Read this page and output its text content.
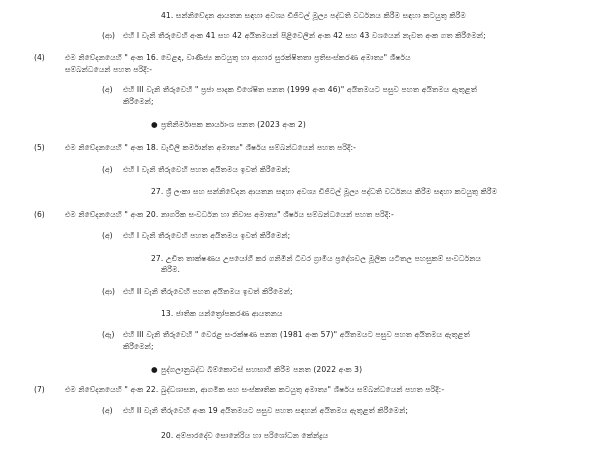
41. සන්නිවේදන ආයතන සඳහා අවශ්‍ය ඩිජිටල් මූල්‍ය පද්ධති වර්ධනය කිරීම සඳහා කටයුතු කිරීම
(ආ) එහි I වැනි තීරුවෙහි අංක 41 සහ 42 අයිතමයන් පිළිවෙලින් අංක 42 සහ 43 වශයෙන් නැවත අංක ගත කිරීමෙන්;
(4)	එම නිවේදනයෙහි " අංක 16. වෙළඳ, වාණිජ්‍ය කටයුතු හා ආහාර සුරක්ෂිතතා ප්‍රතිසංස්කරණ අමාත්‍ය" ශීර්ෂය
සම්බන්ධයෙන් පහත පරිදි:-
(අ) එහි III වැනි තීරුවෙහි " ප්‍රජා පාදක විශේෂිත පනත (1999 අංක 46)" අයිතමයට පසුව පහත අයිතමය ඇතුළත්
කිරීමෙන්;
● ප්‍රතිනිර්මාපක කාර්යාංශ පනත (2023 අංක 2)
(5)	එම නිවේදනයෙහි " අංක 18. වැවිලි කර්මාන්ත අමාත්‍ය" ශීර්ෂය සම්බන්ධයෙන් පහත පරිදි:-
(අ) එහි I වැනි තීරුවෙහි පහත අයිතමය ඉවත් කිරීමෙන්;
27. ශ්‍රී ලංකා සහ සන්නිවේදන ආයතන සඳහා අවශ්‍ය ඩිජිටල් මූල්‍ය පද්ධති වර්ධනය කිරීම සඳහා කටයුතු කිරීම
(6)	එම නිවේදනයෙහි " අංක 20. නාගරික සංවර්ධන හා නිවාස අමාත්‍ය" ශීර්ෂය සම්බන්ධයෙන් පහත පරිදි:-
(අ) එහි I වැනි තීරුවෙහි පහත අයිතමය ඉවත් කිරීමෙන්;
27. උචිත තාක්ෂණය උපයෝගී කර ගනිමින් ධීවර ග්‍රාමීය ප්‍රදේශවල මූලික යටිතල පහසුකම් සංවර්ධනය
කිරීම.
(ආ) එහි II වැනි තීරුවෙහි පහත අයිතමය ඉවත් කිරීමෙන්;
13. ජාතික යන්ත්‍රෝපකරණ ආයතනය
(ඇ) එහි III වැනි තීරුවෙහි " වෙරළ සංරක්ෂණ පනත (1981 අංක 57)" අයිතමයට පසුව පහත අයිතමය ඇතුළත්
කිරීමෙන්;
● පුද්ගලානුබද්ධ බිම්කොටස් සහභාගී කිරීම පනත (2022 අංක 3)
(7)	එම නිවේදනයෙහි " අංක 22. බුද්ධශාසන, ආගමික සහ සංස්කෘතික කටයුතු අමාත්‍ය" ශීර්ෂය සම්බන්ධයෙන් පහත පරිදි:-
(අ) එහි II වැනි තීරුවෙහි අංක 19 අයිතමයට පසුව පහත සඳහන් අයිතමය ඇතුළත් කිරීමෙන්;
20. අම්පාරදේව සොනේරිය හා පරිශෝධන කේන්ද්‍රය
